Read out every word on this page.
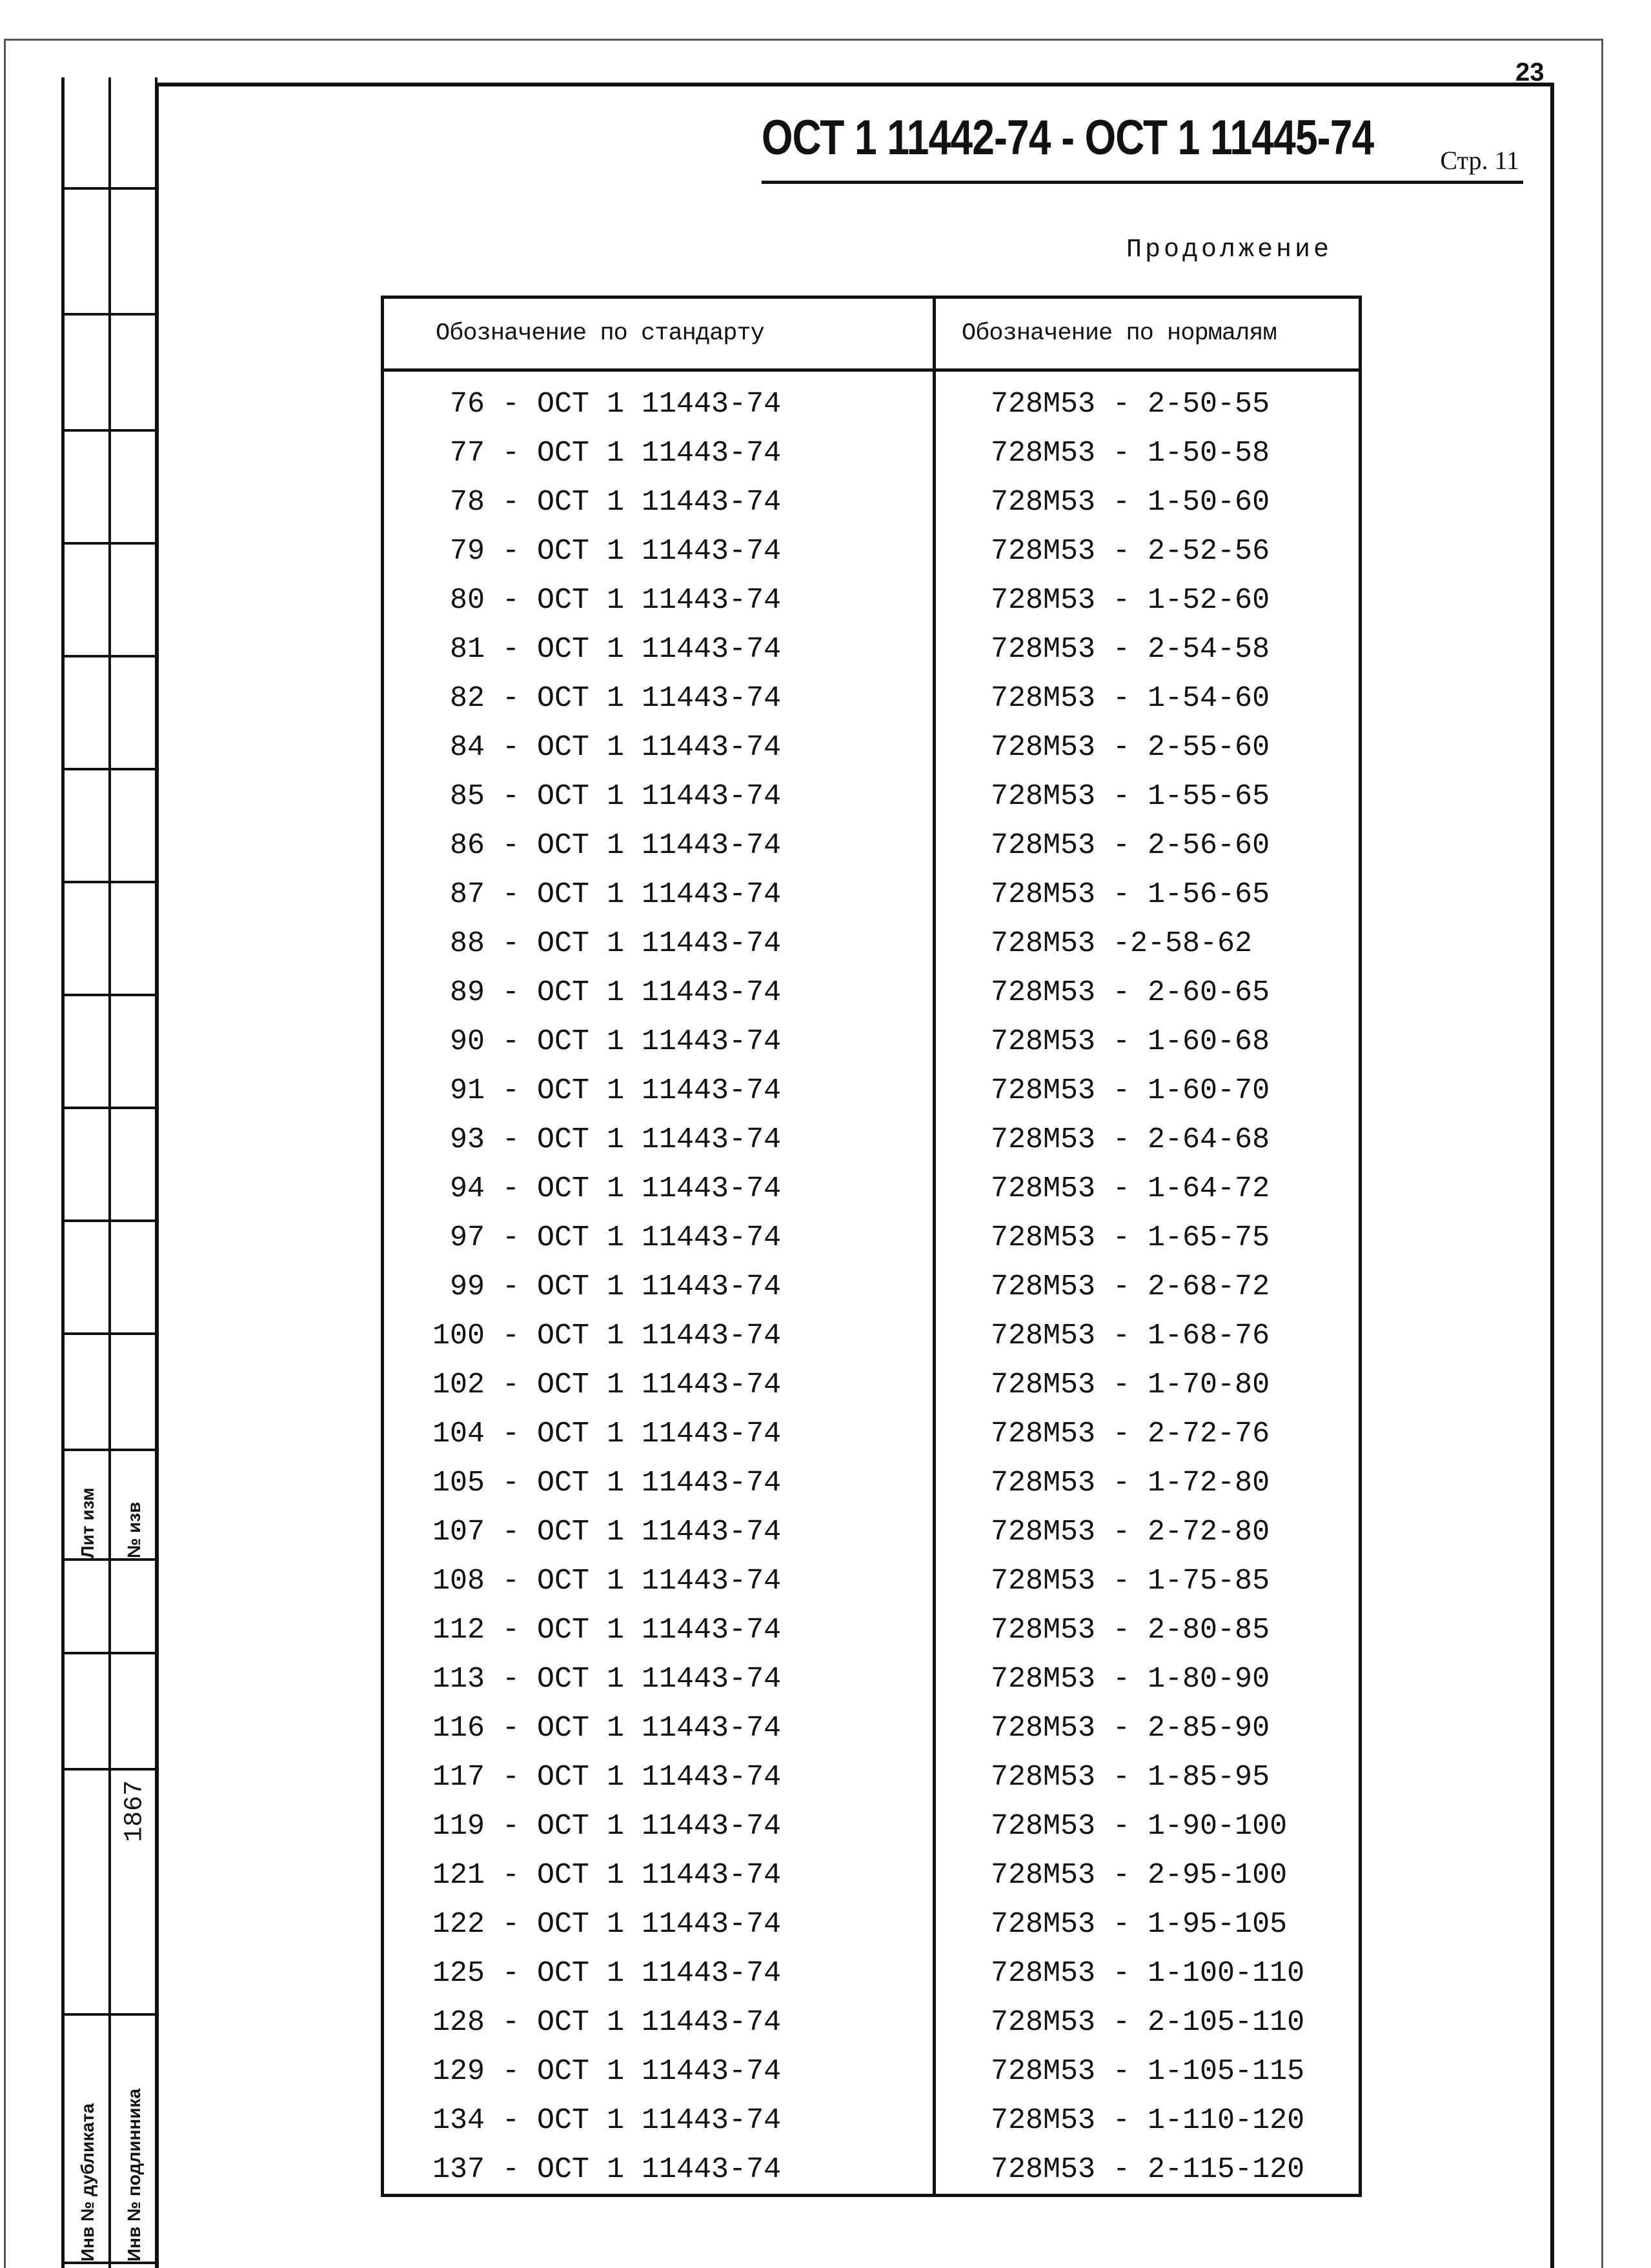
23
ОСТ 1 11442-74 - ОСТ 1 11445-74	Стр. 11
Продолжение
Лит изм № изв
1867
Инв № дубликата Инв № подлинника
Обозначение по стандарту	Обозначение по нормалям

76 - ОСТ 1 11443-74	728М53 - 2-50-55

77 - ОСТ 1 11443-74	728М53 - 1-50-58

78 - ОСТ 1 11443-74	728М53 - 1-50-60

79 - ОСТ 1 11443-74	728М53 - 2-52-56

80 - ОСТ 1 11443-74	728М53 - 1-52-60

81 - ОСТ 1 11443-74	728М53 - 2-54-58

82 - ОСТ 1 11443-74	728М53 - 1-54-60

84 - ОСТ 1 11443-74	728М53 - 2-55-60

85 - ОСТ 1 11443-74	728М53 - 1-55-65

86 - ОСТ 1 11443-74	728М53 - 2-56-60

87 - ОСТ 1 11443-74	728М53 - 1-56-65

88 - ОСТ 1 11443-74	728М53 -2-58-62

89 - ОСТ 1 11443-74	728М53 - 2-60-65

90 - ОСТ 1 11443-74	728М53 - 1-60-68

91 - ОСТ 1 11443-74	728М53 - 1-60-70

93 - ОСТ 1 11443-74	728М53 - 2-64-68

94 - ОСТ 1 11443-74	728М53 - 1-64-72

97 - ОСТ 1 11443-74	728М53 - 1-65-75

99 - ОСТ 1 11443-74	728М53 - 2-68-72

100 - ОСТ 1 11443-74	728М53 - 1-68-76

102 - ОСТ 1 11443-74	728М53 - 1-70-80

104 - ОСТ 1 11443-74	728М53 - 2-72-76

105 - ОСТ 1 11443-74	728М53 - 1-72-80

107 - ОСТ 1 11443-74	728М53 - 2-72-80

108 - ОСТ 1 11443-74	728М53 - 1-75-85

112 - ОСТ 1 11443-74	728М53 - 2-80-85

113 - ОСТ 1 11443-74	728М53 - 1-80-90

116 - ОСТ 1 11443-74	728М53 - 2-85-90

117 - ОСТ 1 11443-74	728М53 - 1-85-95

119 - ОСТ 1 11443-74	728М53 - 1-90-100

121 - ОСТ 1 11443-74	728М53 - 2-95-100

122 - ОСТ 1 11443-74	728М53 - 1-95-105

125 - ОСТ 1 11443-74	728М53 - 1-100-110

128 - ОСТ 1 11443-74	728М53 - 2-105-110

129 - ОСТ 1 11443-74	728М53 - 1-105-115

134 - ОСТ 1 11443-74	728М53 - 1-110-120

137 - ОСТ 1 11443-74	728М53 - 2-115-120
